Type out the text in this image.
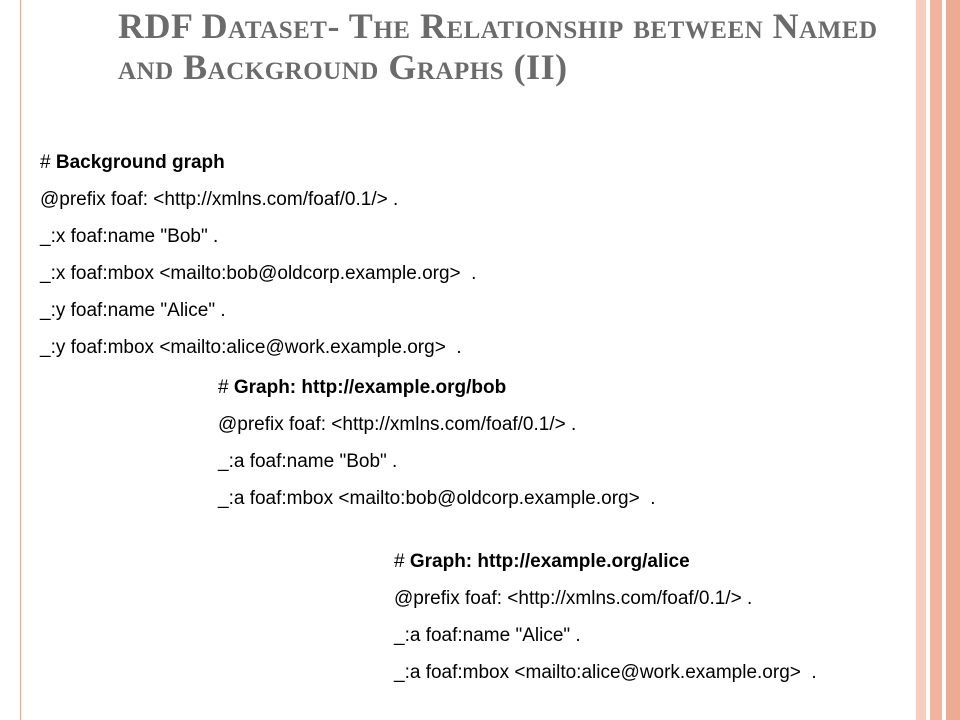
RDF Dataset- The Relationship between Named and Background Graphs (II)
# Background graph
@prefix foaf: <http://xmlns.com/foaf/0.1/> .
_:x foaf:name "Bob" .
_:x foaf:mbox <mailto:bob@oldcorp.example.org>  .
_:y foaf:name "Alice" .
_:y foaf:mbox <mailto:alice@work.example.org>  .
# Graph: http://example.org/bob
@prefix foaf: <http://xmlns.com/foaf/0.1/> .
_:a foaf:name "Bob" .
_:a foaf:mbox <mailto:bob@oldcorp.example.org>  .
# Graph: http://example.org/alice
@prefix foaf: <http://xmlns.com/foaf/0.1/> .
_:a foaf:name "Alice" .
_:a foaf:mbox <mailto:alice@work.example.org>  .
